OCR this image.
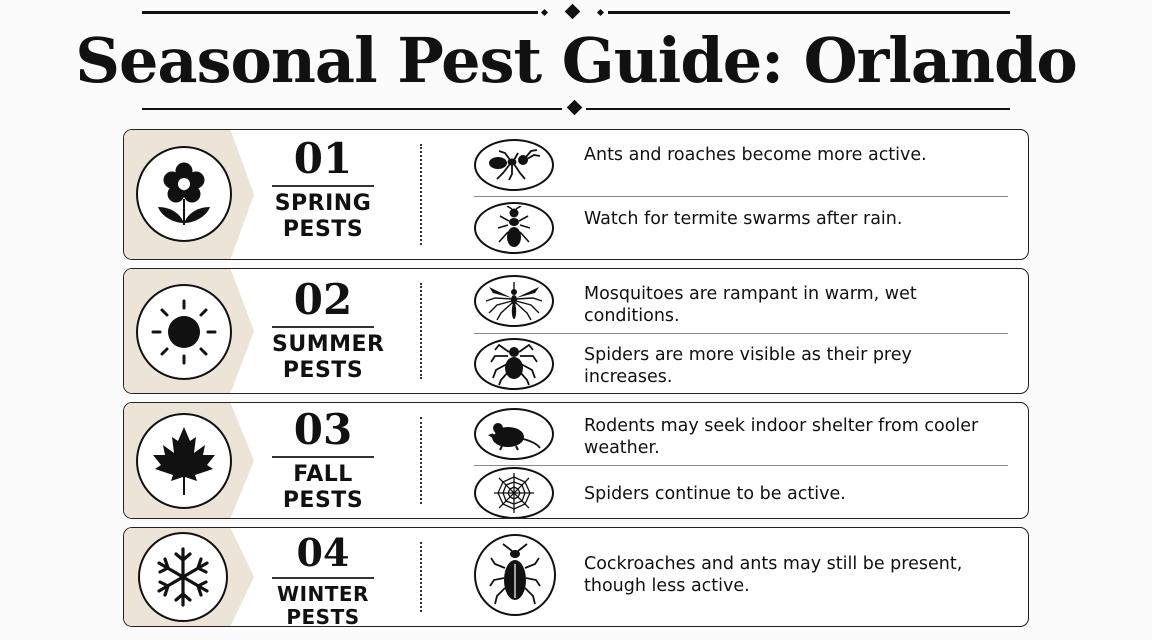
Seasonal Pest Guide: Orlando
01
SPRING
PESTS
Ants and roaches become more active.
Watch for termite swarms after rain.
02
SUMMER
PESTS
Mosquitoes are rampant in warm, wet conditions.
Spiders are more visible as their prey increases.
03
FALL
PESTS
Rodents may seek indoor shelter from cooler weather.
Spiders continue to be active.
04
WINTER
PESTS
Cockroaches and ants may still be present, though less active.
